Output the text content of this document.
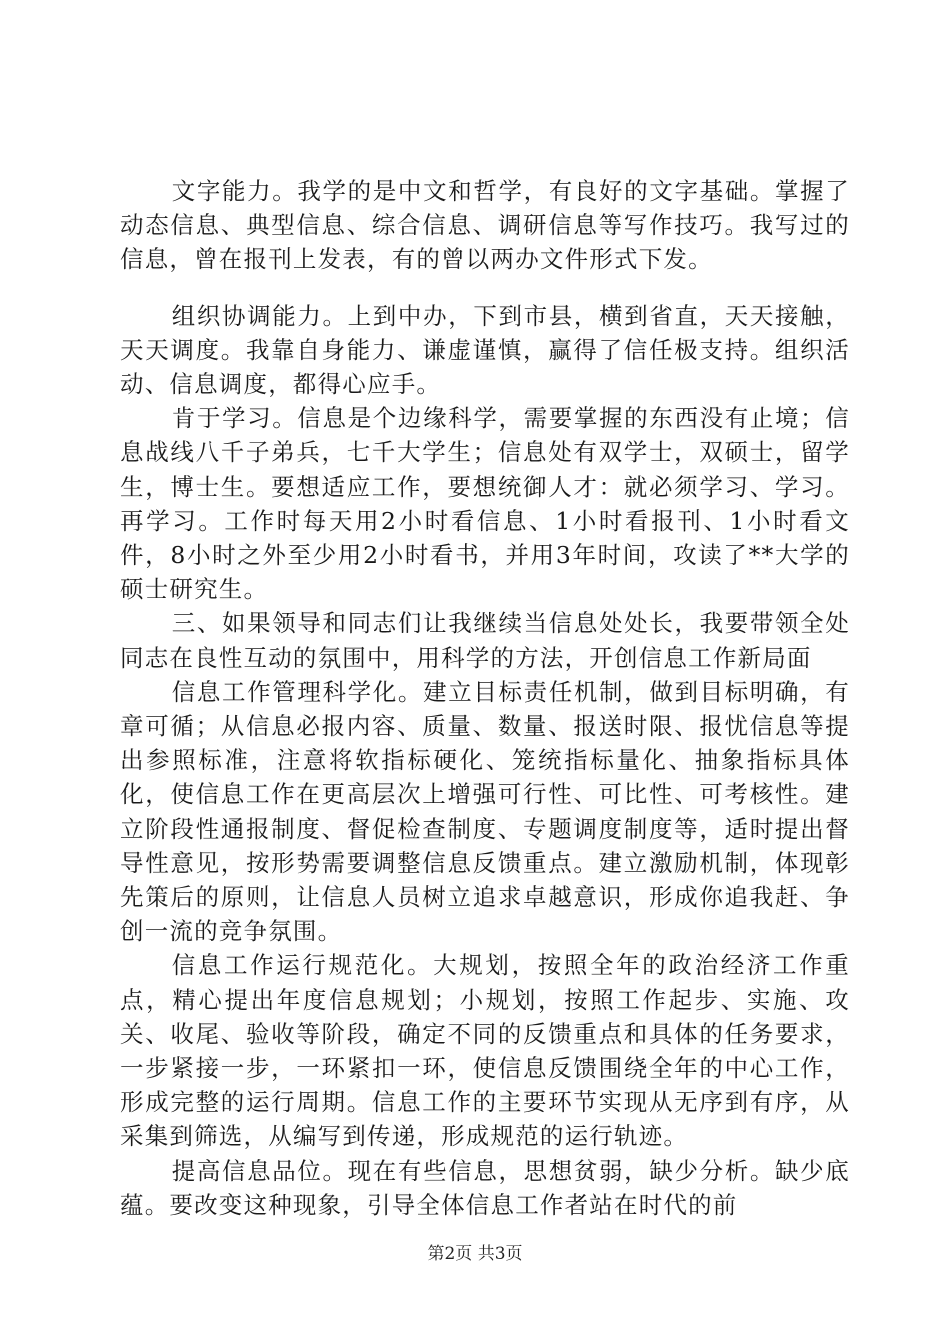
文字能力。我学的是中文和哲学，有良好的文字基础。掌握了动态信息、典型信息、综合信息、调研信息等写作技巧。我写过的信息，曾在报刊上发表，有的曾以两办文件形式下发。

组织协调能力。上到中办，下到市县，横到省直，天天接触，天天调度。我靠自身能力、谦虚谨慎，赢得了信任极支持。组织活动、信息调度，都得心应手。

肯于学习。信息是个边缘科学，需要掌握的东西没有止境；信息战线八千子弟兵，七千大学生；信息处有双学士，双硕士，留学生，博士生。要想适应工作，要想统御人才：就必须学习、学习。再学习。工作时每天用2小时看信息、1小时看报刊、1小时看文件，8小时之外至少用2小时看书，并用3年时间，攻读了**大学的硕士研究生。

三、如果领导和同志们让我继续当信息处处长，我要带领全处同志在良性互动的氛围中，用科学的方法，开创信息工作新局面

信息工作管理科学化。建立目标责任机制，做到目标明确，有章可循；从信息必报内容、质量、数量、报送时限、报忧信息等提出参照标准，注意将软指标硬化、笼统指标量化、抽象指标具体化，使信息工作在更高层次上增强可行性、可比性、可考核性。建立阶段性通报制度、督促检查制度、专题调度制度等，适时提出督导性意见，按形势需要调整信息反馈重点。建立激励机制，体现彰先策后的原则，让信息人员树立追求卓越意识，形成你追我赶、争创一流的竞争氛围。

信息工作运行规范化。大规划，按照全年的政治经济工作重点，精心提出年度信息规划；小规划，按照工作起步、实施、攻关、收尾、验收等阶段，确定不同的反馈重点和具体的任务要求，一步紧接一步，一环紧扣一环，使信息反馈围绕全年的中心工作，形成完整的运行周期。信息工作的主要环节实现从无序到有序，从采集到筛选，从编写到传递，形成规范的运行轨迹。

提高信息品位。现在有些信息，思想贫弱，缺少分析。缺少底蕴。要改变这种现象，引导全体信息工作者站在时代的前

第2页 共3页
